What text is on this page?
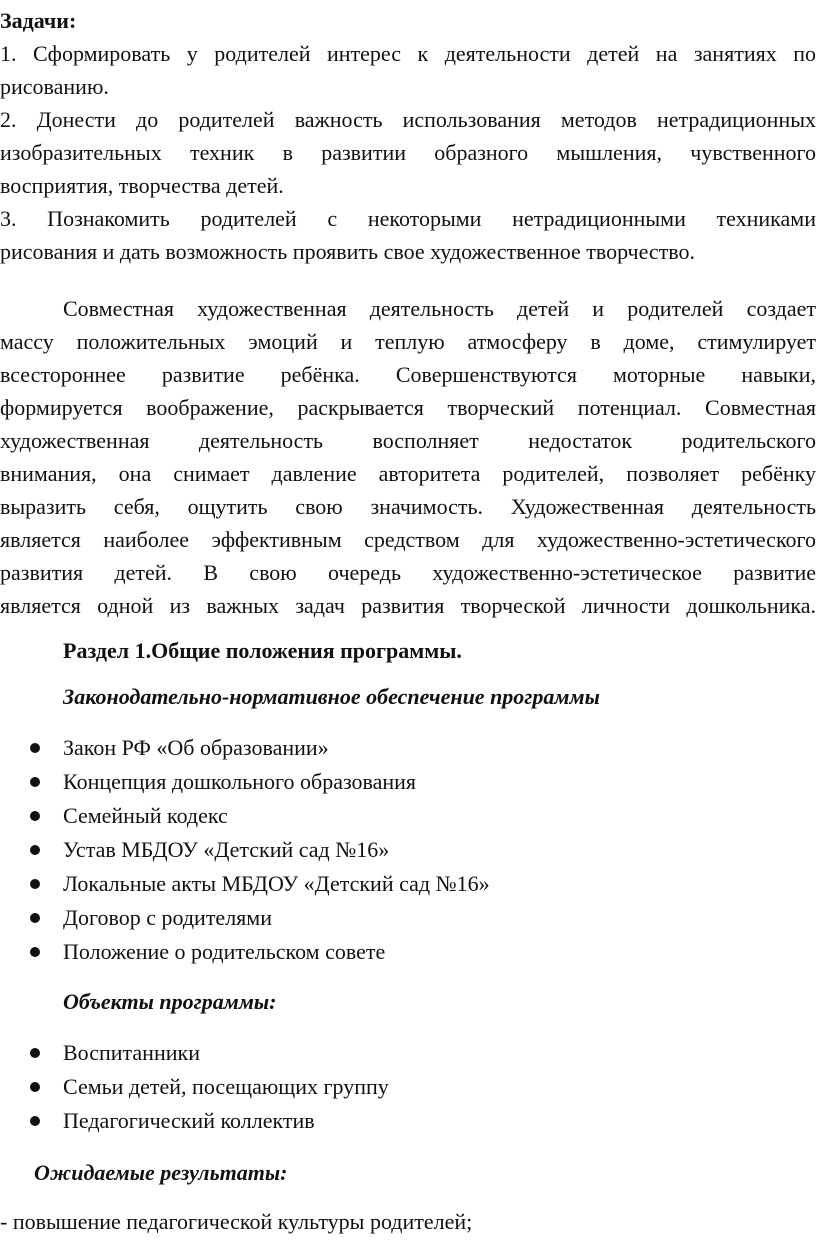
Задачи:
1. Сформировать у родителей интерес к деятельности детей на занятиях по
рисованию.
2. Донести до родителей важность использования методов нетрадиционных
изобразительных техник в развитии образного мышления, чувственного
восприятия, творчества детей.
3. Познакомить родителей с некоторыми нетрадиционными техниками
рисования и дать возможность проявить свое художественное творчество.
Совместная художественная деятельность детей и родителей создает
массу положительных эмоций и теплую атмосферу в доме, стимулирует
всестороннее развитие ребёнка. Совершенствуются моторные навыки,
формируется воображение, раскрывается творческий потенциал. Совместная
художественная деятельность восполняет недостаток родительского
внимания, она снимает давление авторитета родителей, позволяет ребёнку
выразить себя, ощутить свою значимость. Художественная деятельность
является наиболее эффективным средством для художественно-эстетического
развития детей. В свою очередь художественно-эстетическое развитие
является одной из важных задач развития творческой личности дошкольника.
Раздел 1.Общие положения программы.
Законодательно-нормативное обеспечение программы
Закон РФ «Об образовании»
Концепция дошкольного образования
Семейный кодекс
Устав МБДОУ «Детский сад №16»
Локальные акты МБДОУ «Детский сад №16»
Договор с родителями
Положение о родительском совете
Объекты программы:
Воспитанники
Семьи детей, посещающих группу
Педагогический коллектив
Ожидаемые результаты:
- повышение педагогической культуры родителей;
